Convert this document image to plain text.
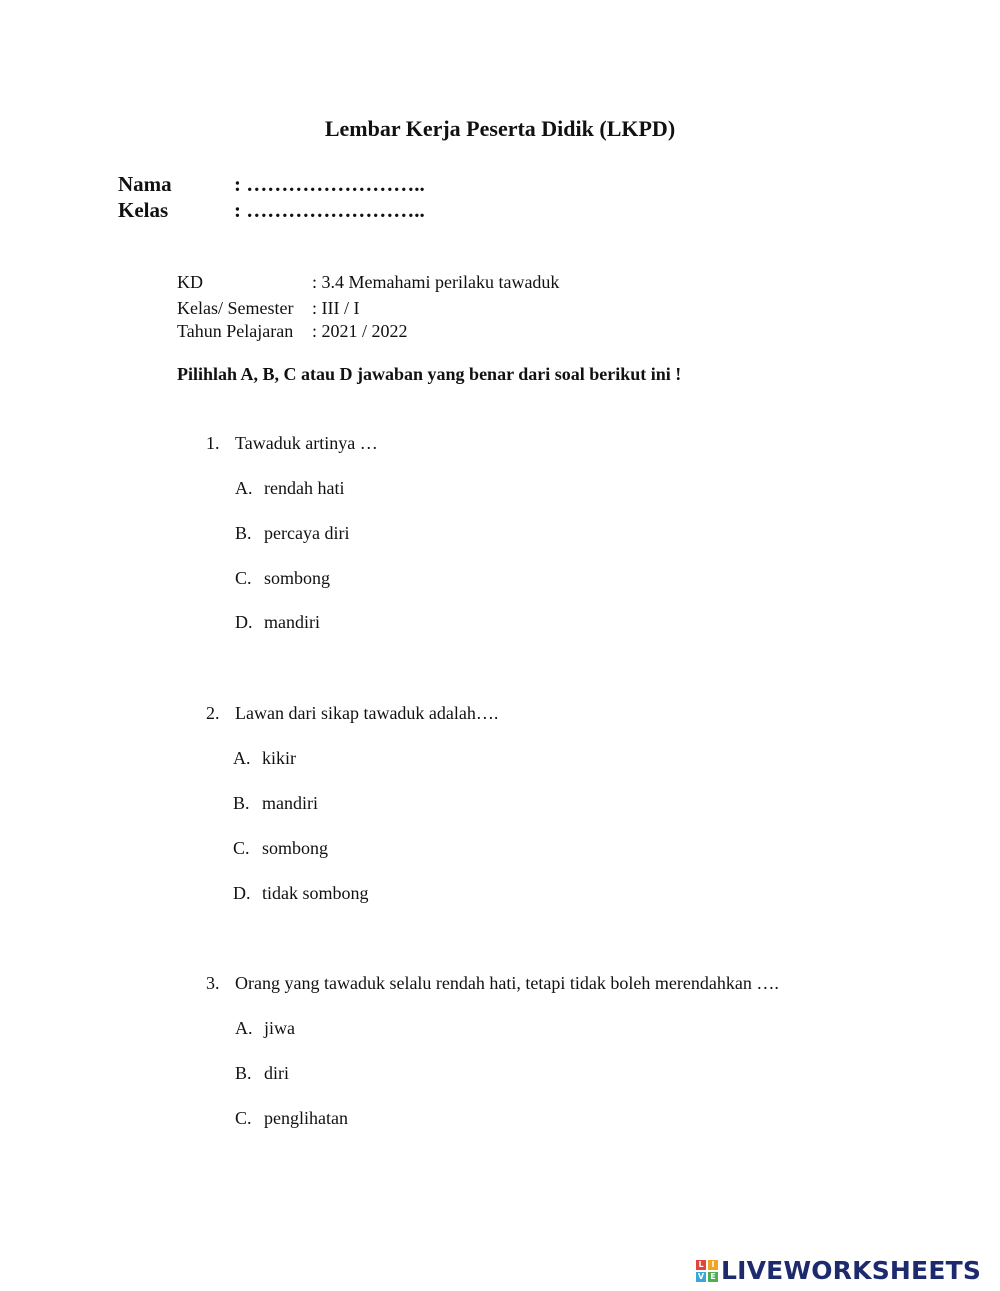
Lembar Kerja Peserta Didik (LKPD)
Nama	: ……………………..
Kelas	: ……………………..
KD	: 3.4 Memahami perilaku tawaduk
Kelas/ Semester : III / I
Tahun Pelajaran : 2021 / 2022
Pilihlah A, B, C atau D jawaban yang benar dari soal berikut ini !
1. Tawaduk artinya …
A. rendah hati
B. percaya diri
C. sombong
D. mandiri
2. Lawan dari sikap tawaduk adalah….
A. kikir
B. mandiri
C. sombong
D. tidak sombong
3. Orang yang tawaduk selalu rendah hati, tetapi tidak boleh merendahkan ….
A. jiwa
B. diri
C. penglihatan
L I
V E LIVEWORKSHEETS
